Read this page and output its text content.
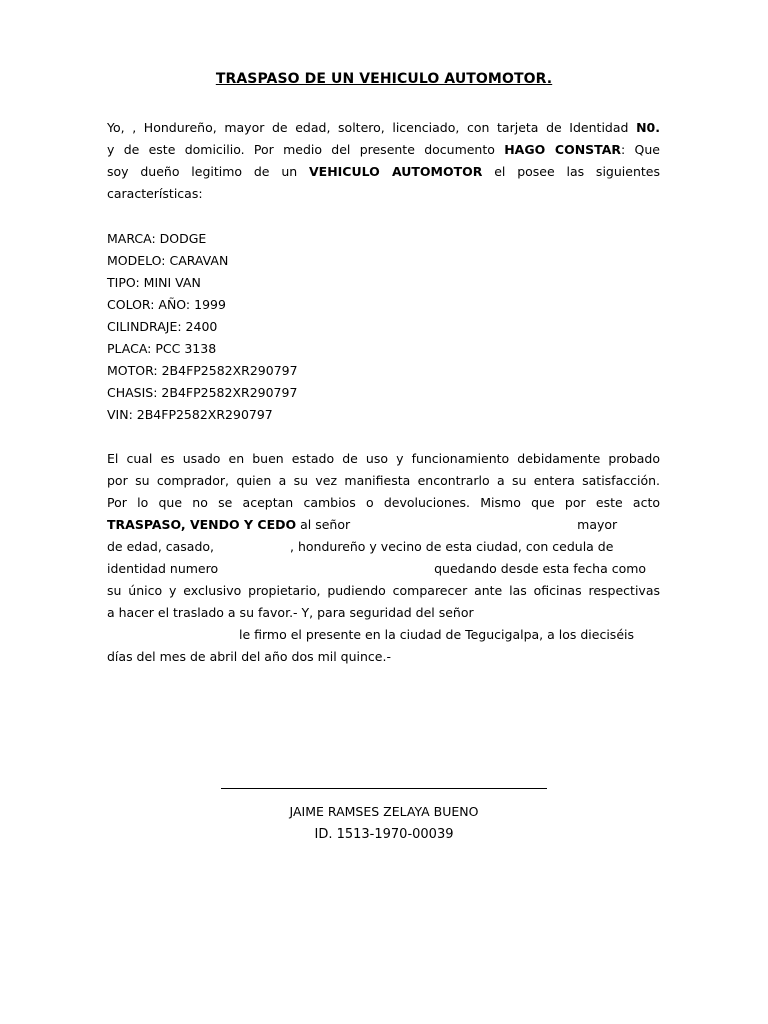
TRASPASO DE UN VEHICULO AUTOMOTOR.
Yo, , Hondureño, mayor de edad, soltero, licenciado, con tarjeta de Identidad N0.
y de este domicilio. Por medio del presente documento HAGO CONSTAR: Que
soy dueño legitimo de un VEHICULO AUTOMOTOR el posee las siguientes
características:
MARCA: DODGE
MODELO: CARAVAN
TIPO: MINI VAN
COLOR: AÑO: 1999
CILINDRAJE: 2400
PLACA: PCC 3138
MOTOR: 2B4FP2582XR290797
CHASIS: 2B4FP2582XR290797
VIN: 2B4FP2582XR290797
El cual es usado en buen estado de uso y funcionamiento debidamente probado
por su comprador, quien a su vez manifiesta encontrarlo a su entera satisfacción.
Por lo que no se aceptan cambios o devoluciones. Mismo que por este acto
TRASPASO, VENDO Y CEDO al señor	mayor
de edad, casado,	, hondureño y vecino de esta ciudad, con cedula de
identidad numero	quedando desde esta fecha como
su único y exclusivo propietario, pudiendo comparecer ante las oficinas respectivas
a hacer el traslado a su favor.- Y, para seguridad del señor
le firmo el presente en la ciudad de Tegucigalpa, a los dieciséis
días del mes de abril del año dos mil quince.-
JAIME RAMSES ZELAYA BUENO
ID. 1513-1970-00039
